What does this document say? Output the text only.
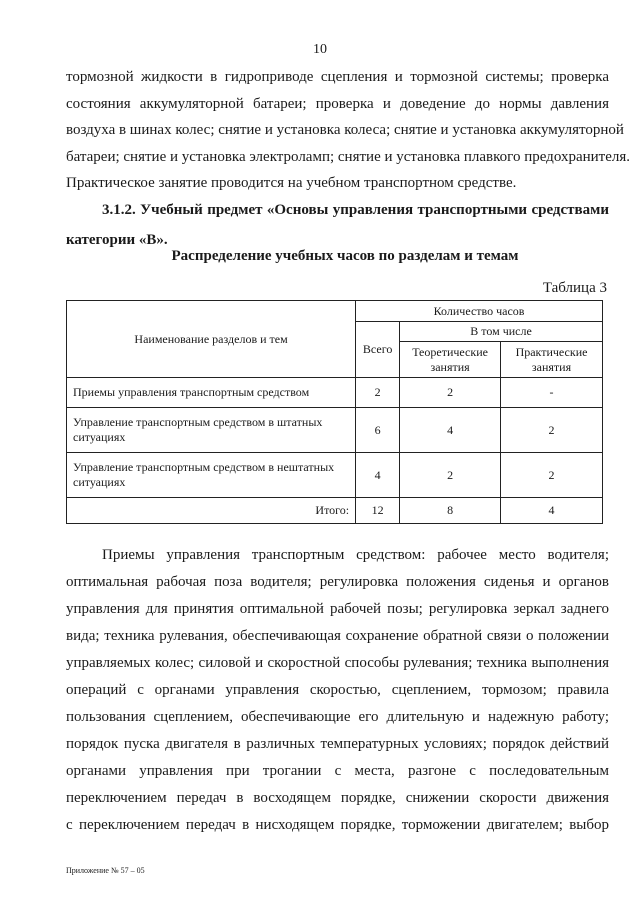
10
тормозной жидкости в гидроприводе сцепления и тормозной системы; проверка
состояния аккумуляторной батареи; проверка и доведение до нормы давления
воздуха в шинах колес; снятие и установка колеса; снятие и установка аккумуляторной
батареи; снятие и установка электроламп; снятие и установка плавкого предохранителя.
Практическое занятие проводится на учебном транспортном средстве.
3.1.2. Учебный предмет «Основы управления транспортными средствами
категории «В».
Распределение учебных часов по разделам и темам
Таблица 3
Наименование разделов и тем	Количество часов		
	Всего	В том числе	
		Теоретические занятия	Практические занятия
Приемы управления транспортным средством	2	2	-
Управление транспортным средством в штатных ситуациях	6	4	2
Управление транспортным средством в нештатных ситуациях	4	2	2
Итого:	12	8	4
Приемы управления транспортным средством: рабочее место водителя;
оптимальная рабочая поза водителя; регулировка положения сиденья и органов
управления для принятия оптимальной рабочей позы; регулировка зеркал заднего
вида; техника рулевания, обеспечивающая сохранение обратной связи о положении
управляемых колес; силовой и скоростной способы рулевания; техника выполнения
операций с органами управления скоростью, сцеплением, тормозом; правила
пользования сцеплением, обеспечивающие его длительную и надежную работу;
порядок пуска двигателя в различных температурных условиях; порядок действий
органами управления при трогании с места, разгоне с последовательным
переключением передач в восходящем порядке, снижении скорости движения
с переключением передач в нисходящем порядке, торможении двигателем; выбор
Приложение № 57 – 05
